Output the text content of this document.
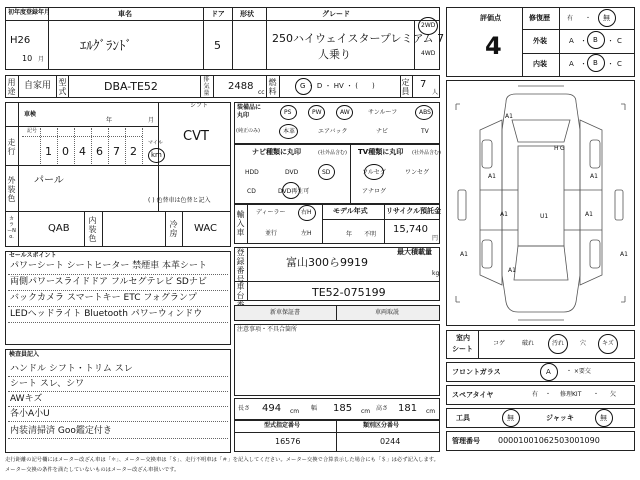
初年度登録年月
H26
10 月
車名
ｴﾙｸﾞﾗﾝﾄﾞ
ドア
5
形状	グレード
250ハイウェイスタープレミアム 7
人乗り
2WD
4WD
用途
自家用 型式	DBA-TE52
排気量
2488
cc
燃料
G ・ D ・ HV ・ (　　)	定員
7
人
車検
年	月
走行
記号
1 0 4 6 7 2
マイル
km
シフト
CVT
外装色
パール
( ) 色替車は色替と記入
カラーNo.
QAB
内装色
冷房 WAC
セールスポイント
パワーシート シートヒーター 禁煙車 本革シート
両側パワースライドドア フルセグテレビ SDナビ
バックカメラ スマートキー ETC フォグランプ
LEDヘッドライト Bluetooth パワーウィンドウ
検査員記入
ハンドル シフト・トリム スレ
シート スレ、シワ
AWキズ
各小A小U
内装清掃済 Goo鑑定付き
装備品に
丸印
(純正のみ)
PS	PW	AW	サンルーフ	ABS
本革	エアバック	ナビ	TV
ナビ種類に丸印	(社外品含む)
HDD	DVD	SD
CD	DVD再生可
TV種類に丸印 (社外品含む)
フルセグ	ワンセグ
アナログ
輸入車
ディーラー
並行
右H
左H
モデル年式
年 不明
リサイクル預託金
15,740
円
登録番号
最大積載量
富山300ら9919
kg
車台	TE52-075199
新車保証書	車両取説
注意事項・不具合箇所
長さ 494 cm 幅 185 cm 高さ 181 cm
型式指定番号
16576
類別区分番号
0244
評価点
4
修復歴	有 ・ 無
外装	A ・ B ・ C
内装	A ・ B ・ C
A1
A1	A1
A1	A1
A1	A1
U1
A1
G
H
室内
シート
コゲ	破れ	汚れ	穴	キズ
フロントガラス	A	・ ×要交
スペアタイヤ	有 ・ 修理KIT ・ 欠
工具	無	ジャッキ	無
管理番号 00001001062503001090
走行距離の記号欄にはメーター改ざん車は「＊」、メーター交換車は「＄」、走行不明車は「＃」を記入してください。メーター交換で合算表示した場合にも「＄」は必ず記入します。
メーター交換の条件を満たしていないものはメーター改ざん車扱いです。
